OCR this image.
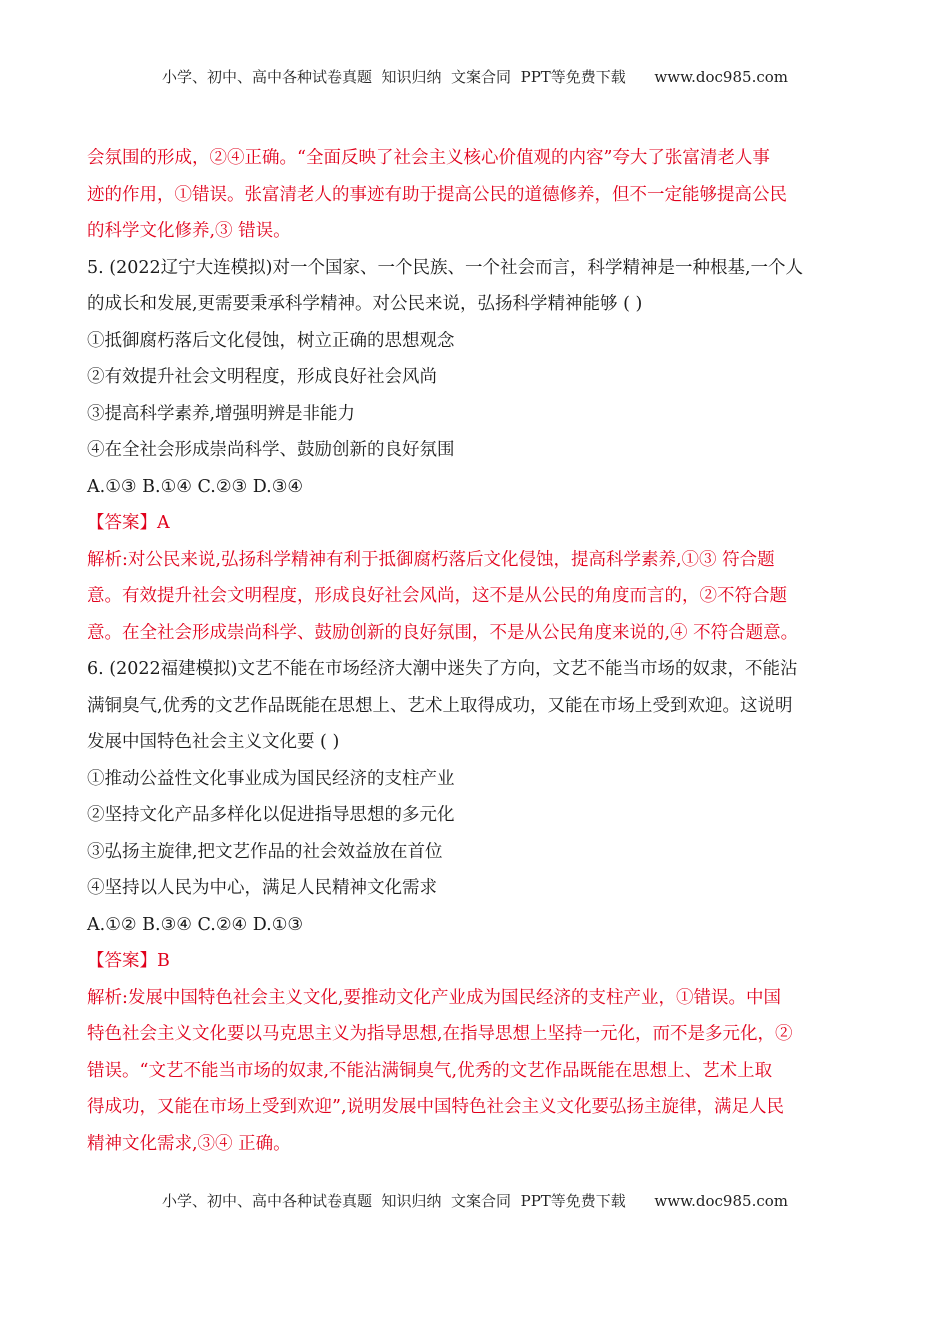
小学、初中、高中各种试卷真题  知识归纳  文案合同  PPT等免费下载      www.doc985.com

会氛围的形成，②④正确。“全面反映了社会主义核心价值观的内容”夸大了张富清老人事

迹的作用，①错误。张富清老人的事迹有助于提高公民的道德修养，但不一定能够提高公民

的科学文化修养,③ 错误。

5. (2022辽宁大连模拟)对一个国家、一个民族、一个社会而言，科学精神是一种根基,一个人

的成长和发展,更需要秉承科学精神。对公民来说，弘扬科学精神能够 ( )

①抵御腐朽落后文化侵蚀，树立正确的思想观念

②有效提升社会文明程度，形成良好社会风尚

③提高科学素养,增强明辨是非能力

④在全社会形成崇尚科学、鼓励创新的良好氛围

A.①③ B.①④ C.②③ D.③④

【答案】A

解析:对公民来说,弘扬科学精神有利于抵御腐朽落后文化侵蚀，提高科学素养,①③ 符合题

意。有效提升社会文明程度，形成良好社会风尚，这不是从公民的角度而言的，②不符合题

意。在全社会形成崇尚科学、鼓励创新的良好氛围，不是从公民角度来说的,④ 不符合题意。

6. (2022福建模拟)文艺不能在市场经济大潮中迷失了方向，文艺不能当市场的奴隶，不能沾

满铜臭气,优秀的文艺作品既能在思想上、艺术上取得成功，又能在市场上受到欢迎。这说明

发展中国特色社会主义文化要 ( )

①推动公益性文化事业成为国民经济的支柱产业

②坚持文化产品多样化以促进指导思想的多元化

③弘扬主旋律,把文艺作品的社会效益放在首位

④坚持以人民为中心，满足人民精神文化需求

A.①② B.③④ C.②④ D.①③

【答案】B

解析:发展中国特色社会主义文化,要推动文化产业成为国民经济的支柱产业，①错误。中国

特色社会主义文化要以马克思主义为指导思想,在指导思想上坚持一元化，而不是多元化，②

错误。“文艺不能当市场的奴隶,不能沾满铜臭气,优秀的文艺作品既能在思想上、艺术上取

得成功，又能在市场上受到欢迎”,说明发展中国特色社会主义文化要弘扬主旋律，满足人民

精神文化需求,③④ 正确。

小学、初中、高中各种试卷真题  知识归纳  文案合同  PPT等免费下载      www.doc985.com
